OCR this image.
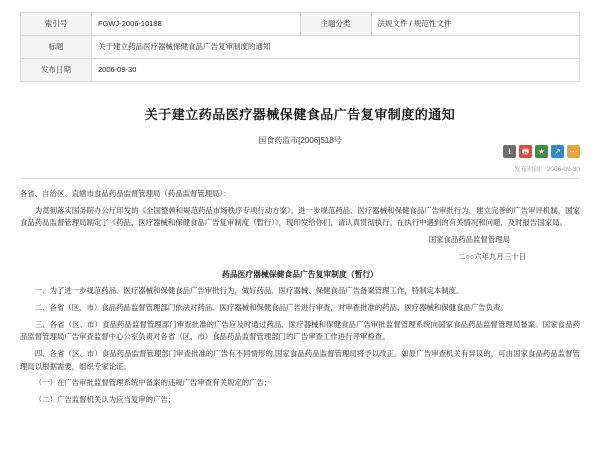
索引号	FGWJ-2006-10188	主题分类	法规文件 / 规范性文件
标题	关于建立药品医疗器械保健食品广告复审制度的通知		
发布日期	2006-09-30		
关于建立药品医疗器械保健食品广告复审制度的通知
国食药监市[2006]518号
⭳	🖶	★	↗	⋯
发布时间：2006-09-30

各省、自治区、直辖市食品药品监督管理局（药品监督管理局）：

为贯彻落实国务院办公厅印发的《全国整顿和规范药品市场秩序专项行动方案》，进一步规范药品、医疗器械和保健食品广告审批行为，建立完善的广告审评机制，国家食品药品监督管理局制定了《药品、医疗器械和保健食品广告复审制度（暂行）》，现印发给你们，请认真贯彻执行。在执行中遇到的有关情况和问题，及时报告国家局。

国家食品药品监督管理局

二○○六年九月三十日

药品医疗器械保健食品广告复审制度（暂行）

一、为了进一步规范药品、医疗器械和保健食品广告审批行为，做好药品、医疗器械、保健食品广告备案管理工作，特制定本制度。

二、各省（区、市）食品药品监督管理部门依法对药品、医疗器械和保健食品广告进行审查，对审查批准的药品、医疗器械和保健食品广告负责。

三、各省（区、市）食品药品监督管理部门审查批准的广告应及时通过药品、医疗器械和保健食品广告审批监督管理系统向国家食品药品监督管理局备案。国家食品药品监督管理局广告审查监督中心公室负责对各省（区、市）食品药品监督管理部门的广告审查工作进行评审检查。

四、各省（区、市）食品药品监督管理部门审查批准的广告有不同情形的,国家食品药品监督管理局将予以改正。如原广告审查机关有异议的，可由国家食品药品监督管理局以根据需要，组织专家论证。

（一）在广告审批监督管理系统中备案的违规广告审查有关规定的广告；

（二）广告监督机关认为应当复审的广告；
